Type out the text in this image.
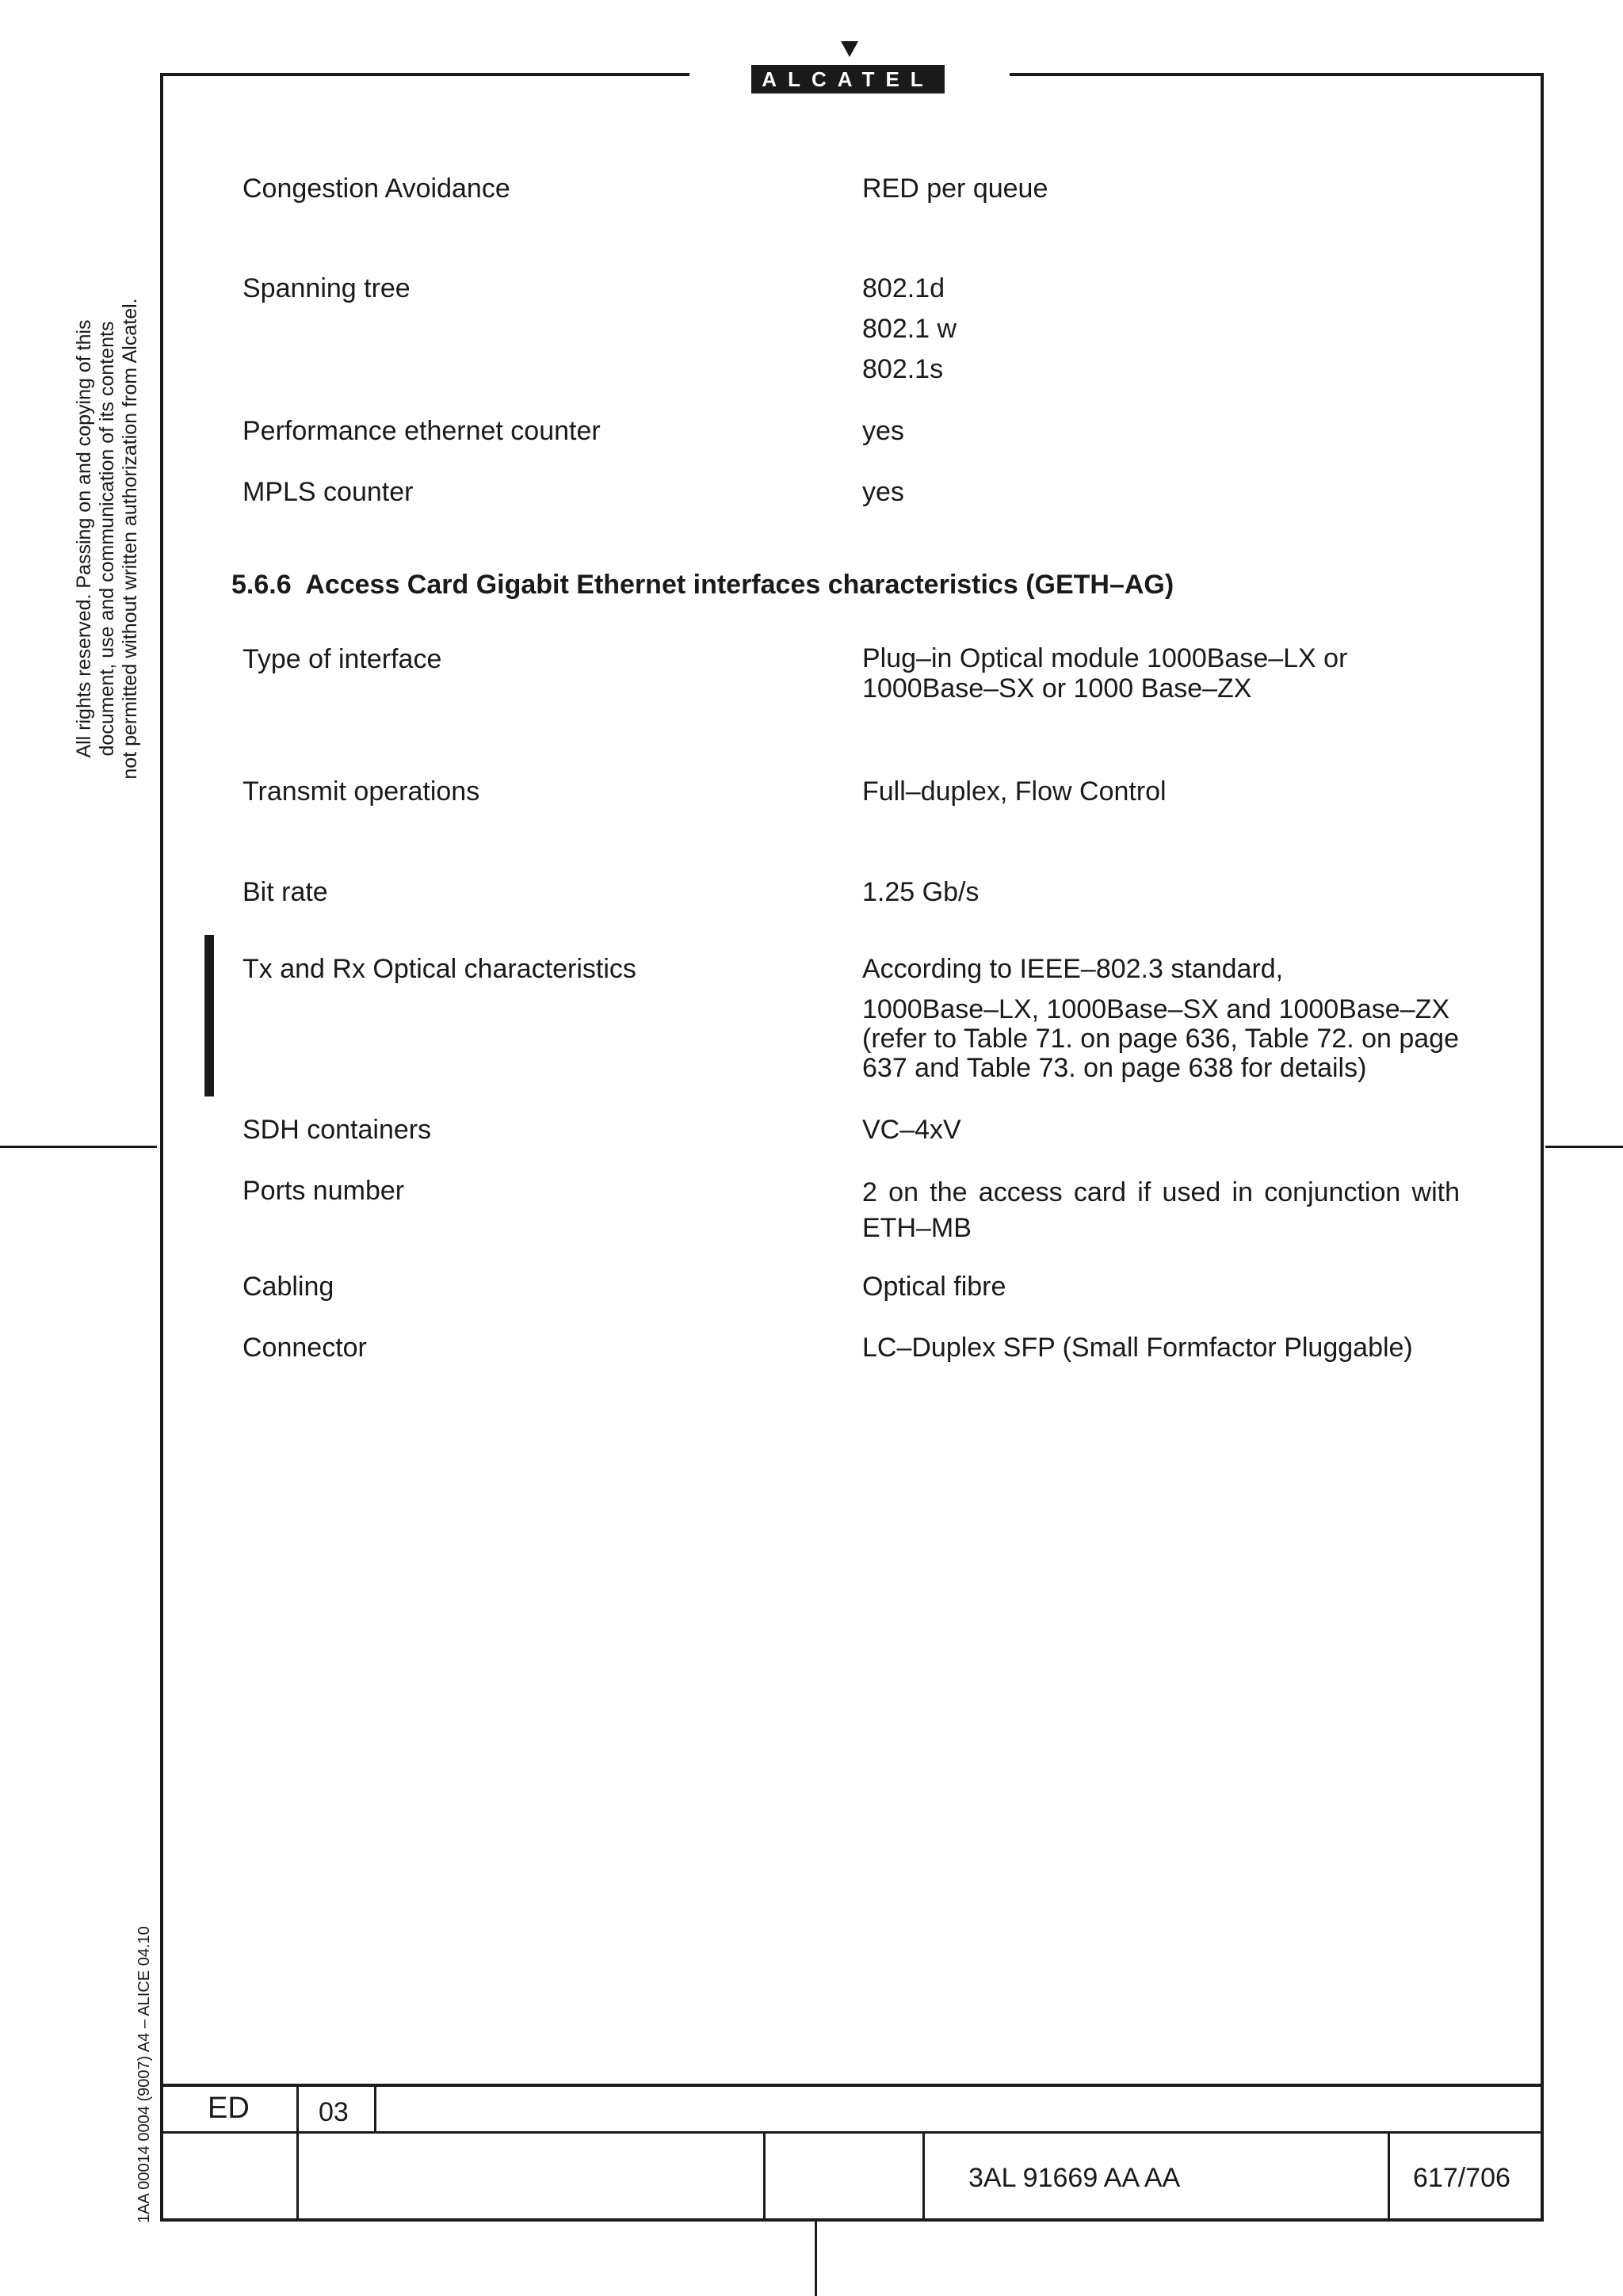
ALCATEL
All rights reserved. Passing on and copying of this document, use and communication of its contents not permitted without written authorization from Alcatel.
1AA 00014 0004 (9007) A4 – ALICE 04.10
Congestion Avoidance	RED per queue
Spanning tree	802.1d
802.1 w
802.1s
Performance ethernet counter	yes
MPLS counter	yes
5.6.6 Access Card Gigabit Ethernet interfaces characteristics (GETH–AG)
Type of interface	Plug–in Optical module 1000Base–LX or 1000Base–SX or 1000 Base–ZX
Transmit operations	Full–duplex, Flow Control
Bit rate	1.25 Gb/s
Tx and Rx Optical characteristics	According to IEEE–802.3 standard,
1000Base–LX, 1000Base–SX and 1000Base–ZX (refer to Table 71. on page 636, Table 72. on page 637 and Table 73. on page 638 for details)
SDH containers	VC–4xV
Ports number	2 on the access card if used in conjunction with ETH–MB
Cabling	Optical fibre
Connector	LC–Duplex SFP (Small Formfactor Pluggable)
ED	03
3AL 91669 AA AA	617/706
